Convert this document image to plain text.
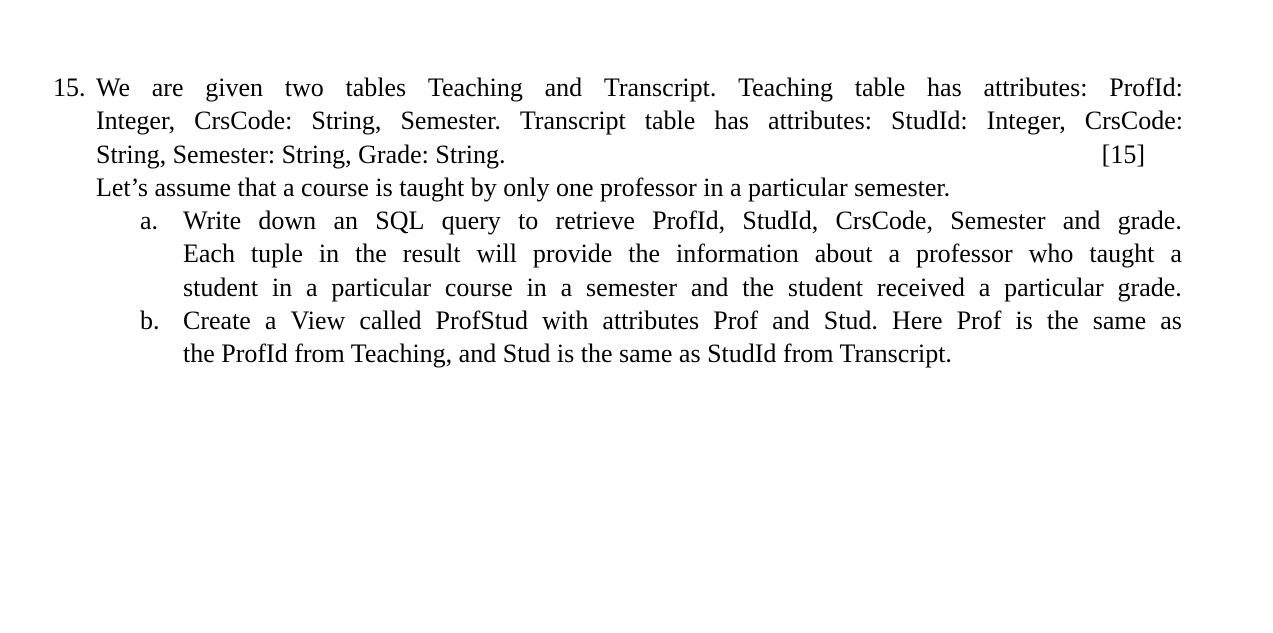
15. We are given two tables Teaching and Transcript. Teaching table has attributes: ProfId:
Integer, CrsCode: String, Semester. Transcript table has attributes: StudId: Integer, CrsCode:
String, Semester: String, Grade: String.	[15]
Let’s assume that a course is taught by only one professor in a particular semester.
a. Write down an SQL query to retrieve ProfId, StudId, CrsCode, Semester and grade.
Each tuple in the result will provide the information about a professor who taught a
student in a particular course in a semester and the student received a particular grade.
b. Create a View called ProfStud with attributes Prof and Stud. Here Prof is the same as
the ProfId from Teaching, and Stud is the same as StudId from Transcript.
